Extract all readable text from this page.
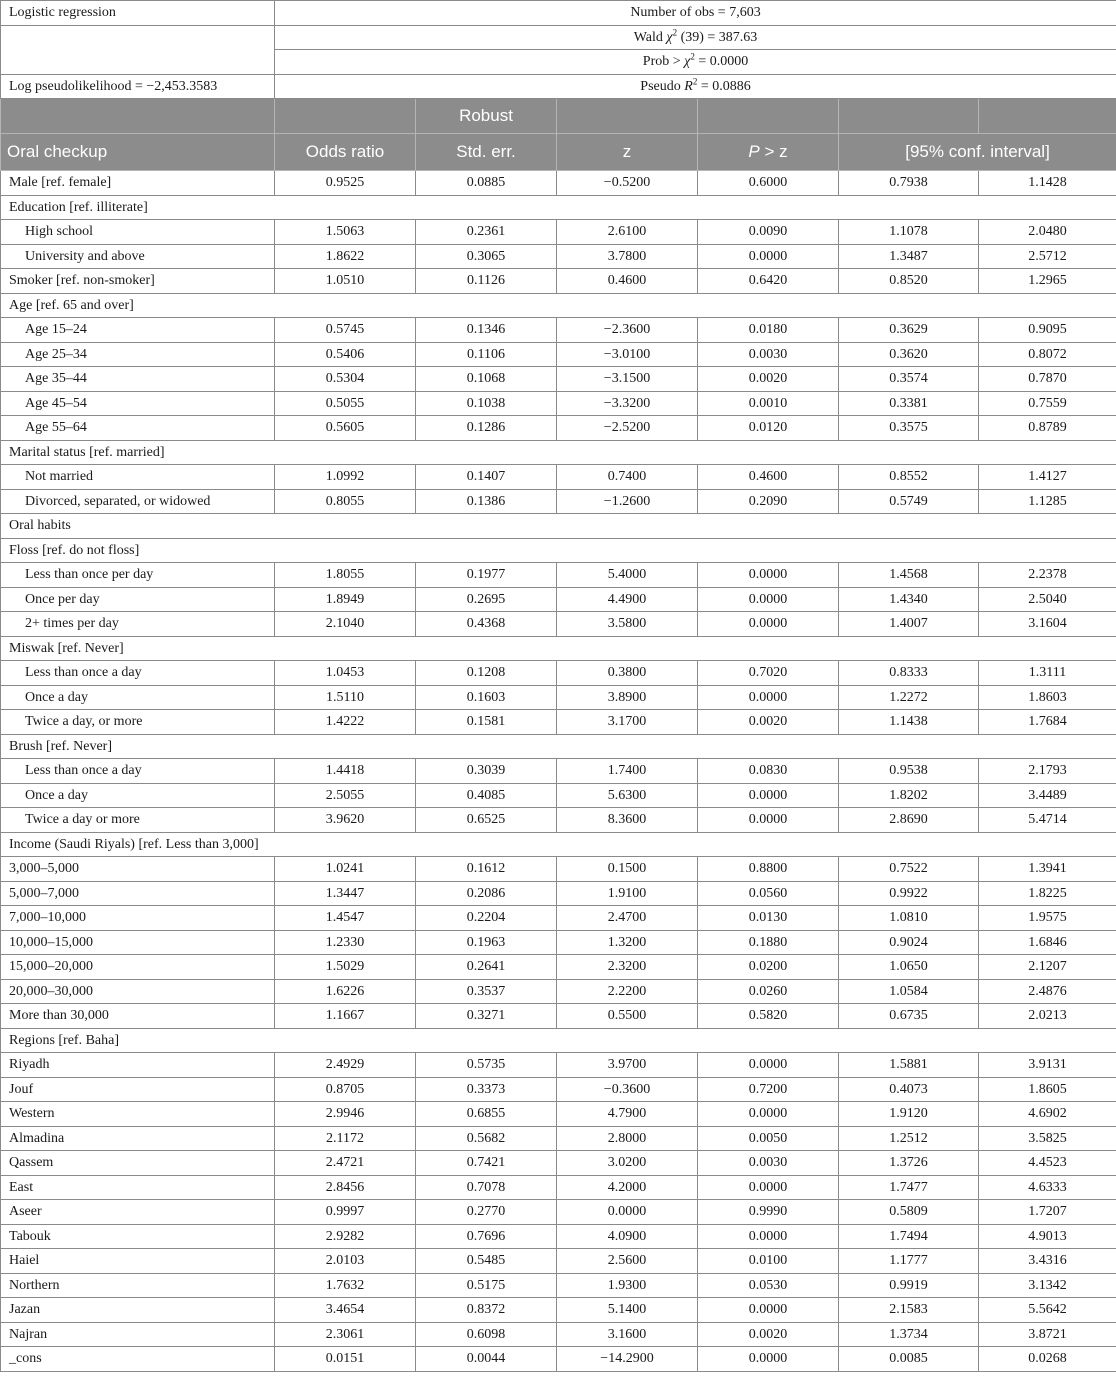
Logistic regression	Number of obs = 7,603					
	Wald $\chi^2$ (39) = 387.63					
	Prob > $\chi^2 = 0.0000$					
Log pseudolikelihood = −2,453.3583	Pseudo $R^2 = 0.0886$					
		Robust				
Oral checkup	Odds ratio	Std. err.	z	P > z	[95% conf. interval]	
Male [ref. female]	0.9525	0.0885	−0.5200	0.6000	0.7938	1.1428
Education [ref. illiterate]						
High school	1.5063	0.2361	2.6100	0.0090	1.1078	2.0480
University and above	1.8622	0.3065	3.7800	0.0000	1.3487	2.5712
Smoker [ref. non-smoker]	1.0510	0.1126	0.4600	0.6420	0.8520	1.2965
Age [ref. 65 and over]						
Age 15–24	0.5745	0.1346	−2.3600	0.0180	0.3629	0.9095
Age 25–34	0.5406	0.1106	−3.0100	0.0030	0.3620	0.8072
Age 35–44	0.5304	0.1068	−3.1500	0.0020	0.3574	0.7870
Age 45–54	0.5055	0.1038	−3.3200	0.0010	0.3381	0.7559
Age 55–64	0.5605	0.1286	−2.5200	0.0120	0.3575	0.8789
Marital status [ref. married]						
Not married	1.0992	0.1407	0.7400	0.4600	0.8552	1.4127
Divorced, separated, or widowed	0.8055	0.1386	−1.2600	0.2090	0.5749	1.1285
Oral habits						
Floss [ref. do not floss]						
Less than once per day	1.8055	0.1977	5.4000	0.0000	1.4568	2.2378
Once per day	1.8949	0.2695	4.4900	0.0000	1.4340	2.5040
2+ times per day	2.1040	0.4368	3.5800	0.0000	1.4007	3.1604
Miswak [ref. Never]						
Less than once a day	1.0453	0.1208	0.3800	0.7020	0.8333	1.3111
Once a day	1.5110	0.1603	3.8900	0.0000	1.2272	1.8603
Twice a day, or more	1.4222	0.1581	3.1700	0.0020	1.1438	1.7684
Brush [ref. Never]						
Less than once a day	1.4418	0.3039	1.7400	0.0830	0.9538	2.1793
Once a day	2.5055	0.4085	5.6300	0.0000	1.8202	3.4489
Twice a day or more	3.9620	0.6525	8.3600	0.0000	2.8690	5.4714
Income (Saudi Riyals) [ref. Less than 3,000]						
3,000–5,000	1.0241	0.1612	0.1500	0.8800	0.7522	1.3941
5,000–7,000	1.3447	0.2086	1.9100	0.0560	0.9922	1.8225
7,000–10,000	1.4547	0.2204	2.4700	0.0130	1.0810	1.9575
10,000–15,000	1.2330	0.1963	1.3200	0.1880	0.9024	1.6846
15,000–20,000	1.5029	0.2641	2.3200	0.0200	1.0650	2.1207
20,000–30,000	1.6226	0.3537	2.2200	0.0260	1.0584	2.4876
More than 30,000	1.1667	0.3271	0.5500	0.5820	0.6735	2.0213
Regions [ref. Baha]						
Riyadh	2.4929	0.5735	3.9700	0.0000	1.5881	3.9131
Jouf	0.8705	0.3373	−0.3600	0.7200	0.4073	1.8605
Western	2.9946	0.6855	4.7900	0.0000	1.9120	4.6902
Almadina	2.1172	0.5682	2.8000	0.0050	1.2512	3.5825
Qassem	2.4721	0.7421	3.0200	0.0030	1.3726	4.4523
East	2.8456	0.7078	4.2000	0.0000	1.7477	4.6333
Aseer	0.9997	0.2770	0.0000	0.9990	0.5809	1.7207
Tabouk	2.9282	0.7696	4.0900	0.0000	1.7494	4.9013
Haiel	2.0103	0.5485	2.5600	0.0100	1.1777	3.4316
Northern	1.7632	0.5175	1.9300	0.0530	0.9919	3.1342
Jazan	3.4654	0.8372	5.1400	0.0000	2.1583	5.5642
Najran	2.3061	0.6098	3.1600	0.0020	1.3734	3.8721
_cons	0.0151	0.0044	−14.2900	0.0000	0.0085	0.0268
